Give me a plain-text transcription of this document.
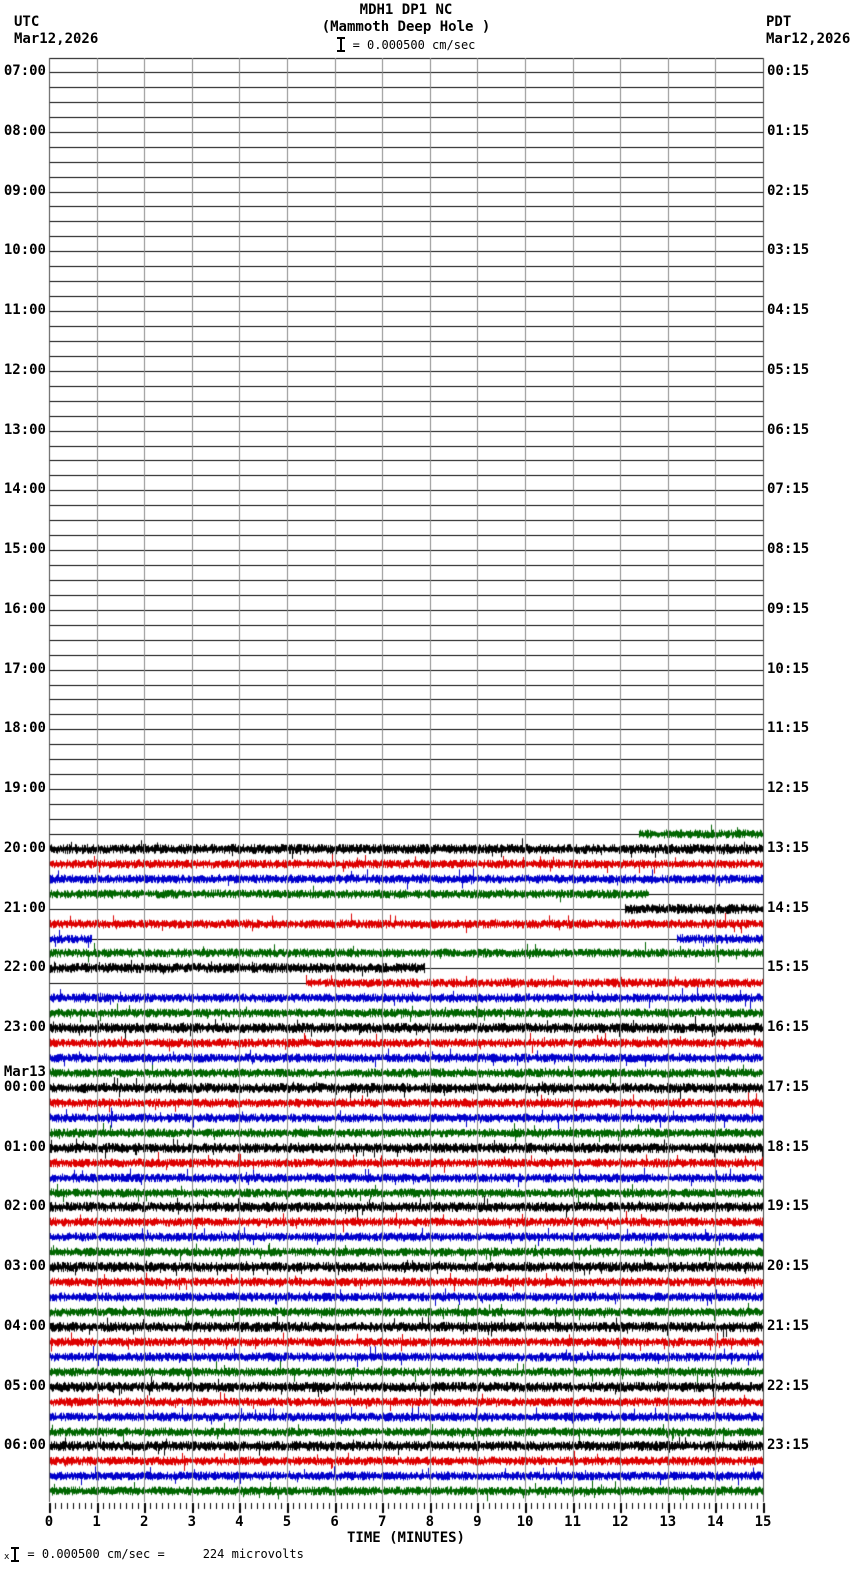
UTC
Mar12,2026
PDT
Mar12,2026
MDH1 DP1 NC
(Mammoth Deep Hole )
= 0.000500 cm/sec
07:00	00:15
08:00	01:15
09:00	02:15
10:00	03:15
11:00	04:15
12:00	05:15
13:00	06:15
14:00	07:15
15:00	08:15
16:00	09:15
17:00	10:15
18:00	11:15
19:00	12:15
20:00	13:15
21:00	14:15
22:00	15:15
23:00	16:15
Mar13
00:00	17:15
01:00	18:15
02:00	19:15
03:00	20:15
04:00	21:15
05:00	22:15
06:00	23:15
0	1	2	3	4	5	6	7	8	9	10	11	12	13	14	15
TIME (MINUTES)
x = 0.000500 cm/sec =	224 microvolts
